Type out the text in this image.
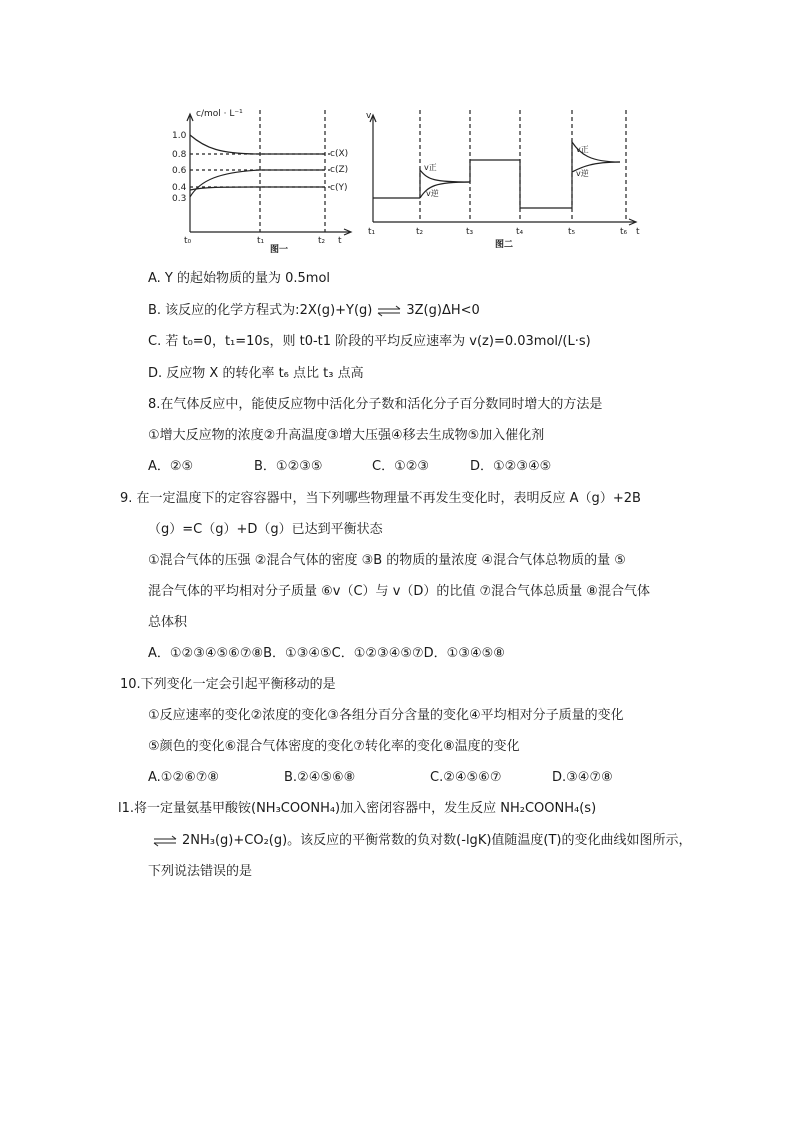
c/mol · L⁻¹
1.0
0.8
0.6
0.4
0.3
t₀	t₁	t₂ t
c(X)
c(Z)
c(Y)
图一
v
t₁	t₂	t₃	t₄	t₅	t₆ t
v正
v逆
v正
v逆
图二
A. Y 的起始物质的量为 0.5mol
B. 该反应的化学方程式为:2X(g)+Y(g) ⇌ 3Z(g)ΔH<0
C. 若 t₀=0，t₁=10s，则 t0-t1 阶段的平均反应速率为 v(z)=0.03mol/(L·s)
D. 反应物 X 的转化率 t₆ 点比 t₃ 点高
8.在气体反应中，能使反应物中活化分子数和活化分子百分数同时增大的方法是
①增大反应物的浓度②升高温度③增大压强④移去生成物⑤加入催化剂
A．②⑤	B．①②③⑤	C．①②③	D．①②③④⑤
9. 在一定温度下的定容容器中，当下列哪些物理量不再发生变化时，表明反应 A（g）+2B
（g）=C（g）+D（g）已达到平衡状态
①混合气体的压强 ②混合气体的密度 ③B 的物质的量浓度 ④混合气体总物质的量 ⑤
混合气体的平均相对分子质量 ⑥v（C）与 v（D）的比值 ⑦混合气体总质量 ⑧混合气体
总体积
A．①②③④⑤⑥⑦⑧B．①③④⑤C．①②③④⑤⑦D．①③④⑤⑧
10.下列变化一定会引起平衡移动的是
①反应速率的变化②浓度的变化③各组分百分含量的变化④平均相对分子质量的变化
⑤颜色的变化⑥混合气体密度的变化⑦转化率的变化⑧温度的变化
A.①②⑥⑦⑧	B.②④⑤⑥⑧	C.②④⑤⑥⑦	D.③④⑦⑧
l1.将一定量氨基甲酸铵(NH₃COONH₄)加入密闭容器中，发生反应 NH₂COONH₄(s)
⇌ 2NH₃(g)+CO₂(g)。该反应的平衡常数的负对数(-lgK)值随温度(T)的变化曲线如图所示，
下列说法错误的是
